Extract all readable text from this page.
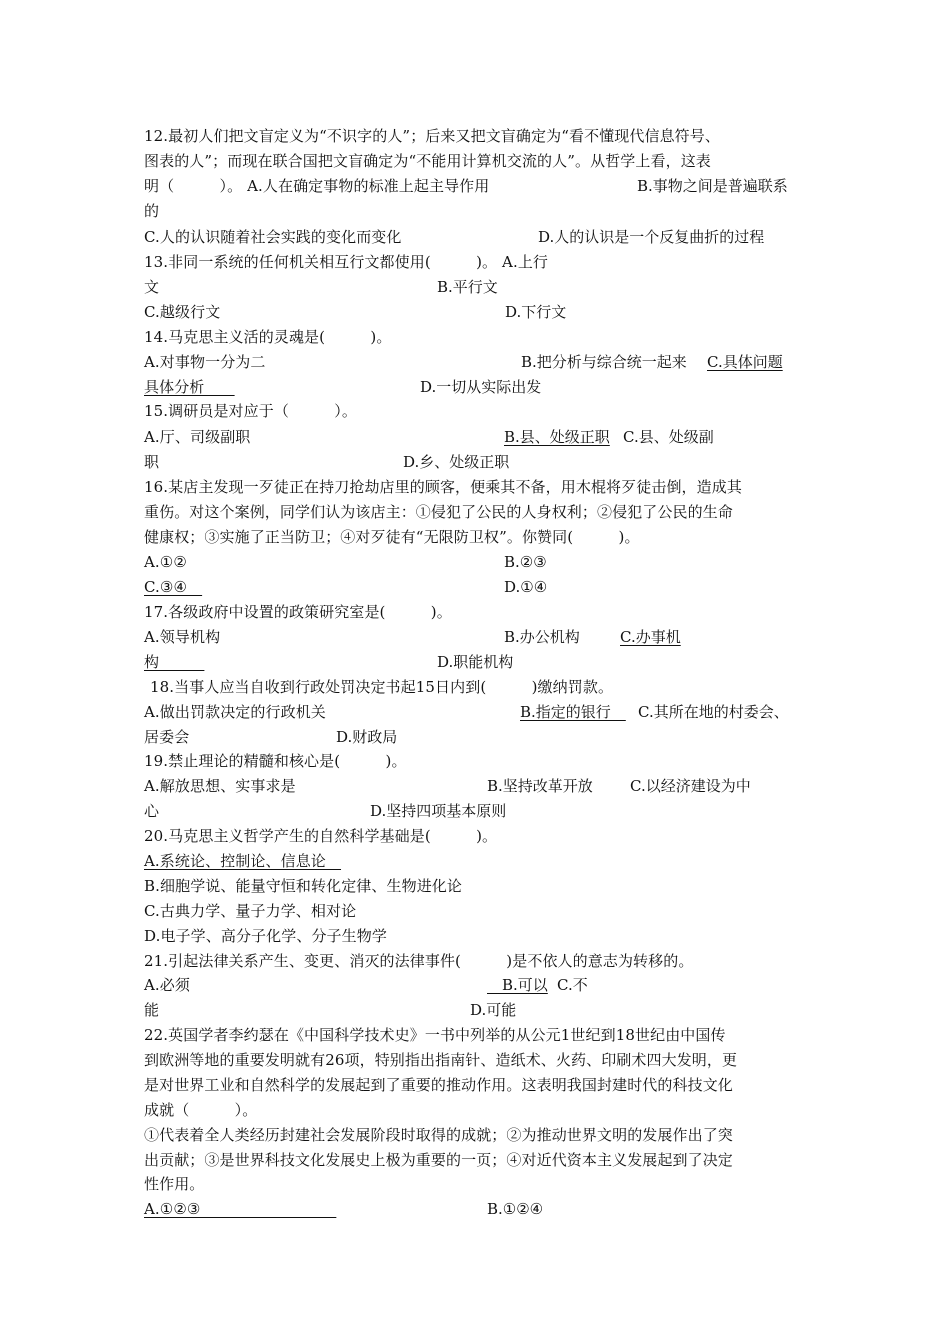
12.最初人们把文盲定义为“不识字的人”；后来又把文盲确定为“看不懂现代信息符号、
图表的人”；而现在联合国把文盲确定为“不能用计算机交流的人”。从哲学上看，这表
明（　　　）。 A.人在确定事物的标准上起主导作用	B.事物之间是普遍联系
的
C.人的认识随着社会实践的变化而变化	D.人的认识是一个反复曲折的过程
13.非同一系统的任何机关相互行文都使用(　　　)。 A.上行
文	B.平行文
C.越级行文	D.下行文
14.马克思主义活的灵魂是(　　　)。
A.对事物一分为二	B.把分析与综合统一起来 C.具体问题
具体分析　　	D.一切从实际出发
15.调研员是对应于（　　　）。
A.厅、司级副职	B.县、处级正职 C.县、处级副
职	D.乡、处级正职
16.某店主发现一歹徒正在持刀抢劫店里的顾客，便乘其不备，用木棍将歹徒击倒，造成其
重伤。对这个案例，同学们认为该店主：①侵犯了公民的人身权利；②侵犯了公民的生命
健康权；③实施了正当防卫；④对歹徒有“无限防卫权”。你赞同(　　　)。
A.①②	B.②③
C.③④　	D.①④
17.各级政府中设置的政策研究室是(　　　)。
A.领导机构	B.办公机构	C.办事机
构　　　	D.职能机构
18.当事人应当自收到行政处罚决定书起15日内到(　　　)缴纳罚款。
A.做出罚款决定的行政机关	B.指定的银行　 C.其所在地的村委会、
居委会	D.财政局
19.禁止理论的精髓和核心是(　　　)。
A.解放思想、实事求是	B.坚持改革开放 C.以经济建设为中
心	D.坚持四项基本原则
20.马克思主义哲学产生的自然科学基础是(　　　)。
A.系统论、控制论、信息论　
B.细胞学说、能量守恒和转化定律、生物进化论
C.古典力学、量子力学、相对论
D.电子学、高分子化学、分子生物学
21.引起法律关系产生、变更、消灭的法律事件(　　　)是不依人的意志为转移的。
A.必须	　B.可以 C.不
能	D.可能
22.英国学者李约瑟在《中国科学技术史》一书中列举的从公元1世纪到18世纪由中国传
到欧洲等地的重要发明就有26项，特别指出指南针、造纸术、火药、印刷术四大发明，更
是对世界工业和自然科学的发展起到了重要的推动作用。这表明我国封建时代的科技文化
成就（　　　）。
①代表着全人类经历封建社会发展阶段时取得的成就；②为推动世界文明的发展作出了突
出贡献；③是世界科技文化发展史上极为重要的一页；④对近代资本主义发展起到了决定
性作用。
A.①②③　　　　　　　　　	B.①②④
